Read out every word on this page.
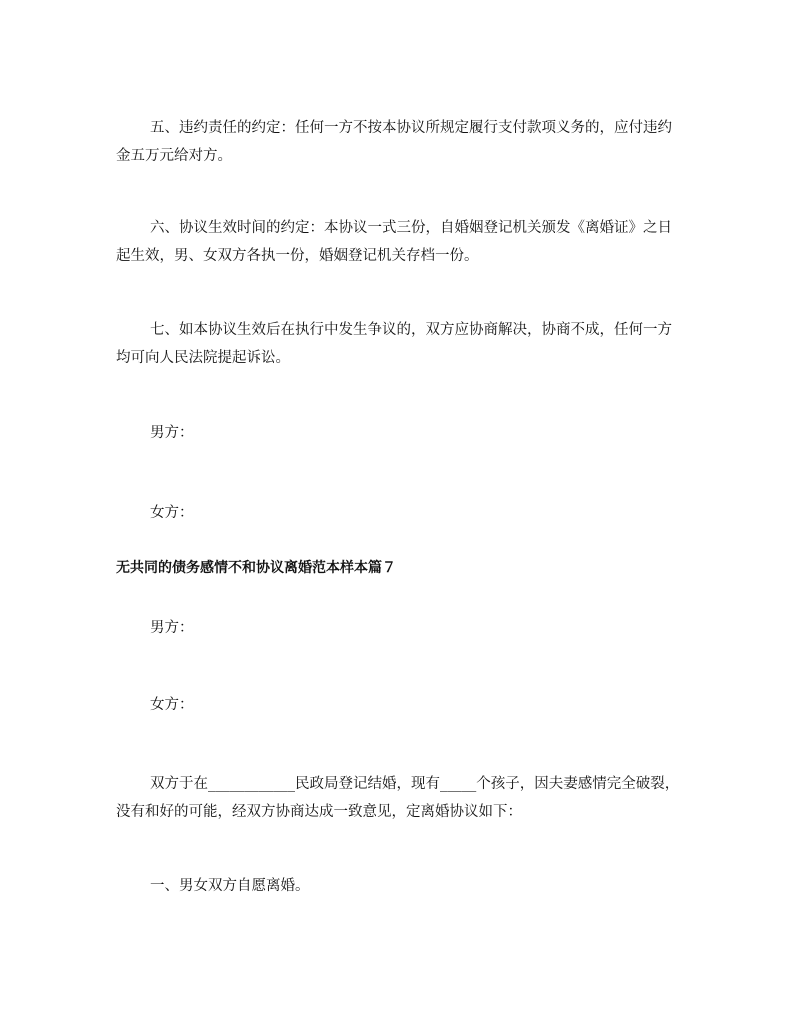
五、违约责任的约定：任何一方不按本协议所规定履行支付款项义务的，应付违约金五万元给对方。

六、协议生效时间的约定：本协议一式三份，自婚姻登记机关颁发《离婚证》之日起生效，男、女双方各执一份，婚姻登记机关存档一份。

七、如本协议生效后在执行中发生争议的，双方应协商解决，协商不成，任何一方均可向人民法院提起诉讼。

男方：

女方：

无共同的债务感情不和协议离婚范本样本篇７

男方：

女方：

双方于在____________民政局登记结婚，现有_____个孩子，因夫妻感情完全破裂，没有和好的可能，经双方协商达成一致意见，定离婚协议如下：

一、男女双方自愿离婚。
